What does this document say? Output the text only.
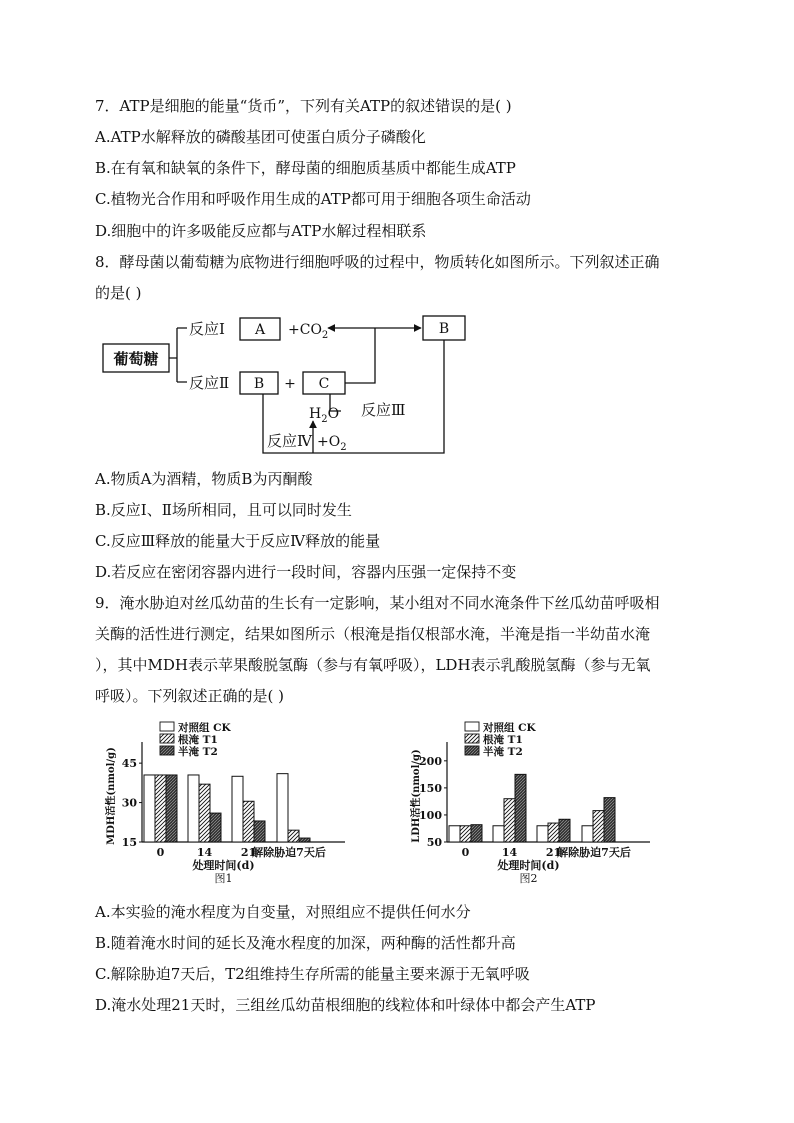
7．ATP是细胞的能量“货币”，下列有关ATP的叙述错误的是( )
A.ATP水解释放的磷酸基团可使蛋白质分子磷酸化
B.在有氧和缺氧的条件下，酵母菌的细胞质基质中都能生成ATP
C.植物光合作用和呼吸作用生成的ATP都可用于细胞各项生命活动
D.细胞中的许多吸能反应都与ATP水解过程相联系
8．酵母菌以葡萄糖为底物进行细胞呼吸的过程中，物质转化如图所示。下列叙述正确
的是( )
葡萄糖
反应Ⅰ
反应Ⅱ
$A +CO_2$	B
B + C
$H_2O$ 反应Ⅲ
反应Ⅳ $+O_2$
A.物质A为酒精，物质B为丙酮酸
B.反应Ⅰ、Ⅱ场所相同，且可以同时发生
C.反应Ⅲ释放的能量大于反应Ⅳ释放的能量
D.若反应在密闭容器内进行一段时间，容器内压强一定保持不变
9．淹水胁迫对丝瓜幼苗的生长有一定影响，某小组对不同水淹条件下丝瓜幼苗呼吸相
关酶的活性进行测定，结果如图所示（根淹是指仅根部水淹，半淹是指一半幼苗水淹
），其中MDH表示苹果酸脱氢酶（参与有氧呼吸），LDH表示乳酸脱氢酶（参与无氧
呼吸）。下列叙述正确的是( )
15
30
45
MDH活性(nmol/g)
0	14	21
解除胁迫7天后
处理时间(d)
图1
对照组 CK
根淹 T1
半淹 T2
50
100
150
200
LDH活性(nmol/g)
0	14	21
解除胁迫7天后
处理时间(d)
图2
对照组 CK
根淹 T1
半淹 T2
A.本实验的淹水程度为自变量，对照组应不提供任何水分
B.随着淹水时间的延长及淹水程度的加深，两种酶的活性都升高
C.解除胁迫7天后，T2组维持生存所需的能量主要来源于无氧呼吸
D.淹水处理21天时，三组丝瓜幼苗根细胞的线粒体和叶绿体中都会产生ATP
